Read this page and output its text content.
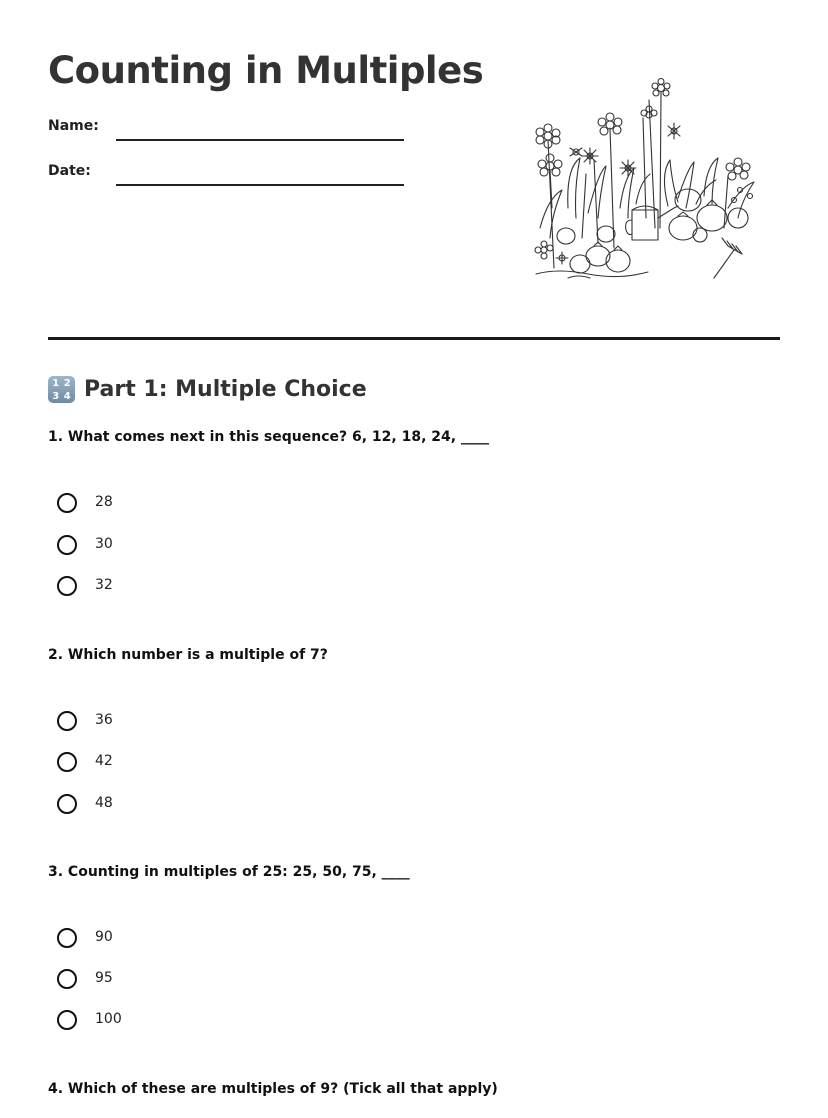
Counting in Multiples
Name:
Date:
1 2
3 4 Part 1: Multiple Choice
1. What comes next in this sequence? 6, 12, 18, 24, ____
28
30
32
2. Which number is a multiple of 7?
36
42
48
3. Counting in multiples of 25: 25, 50, 75, ____
90
95
100
4. Which of these are multiples of 9? (Tick all that apply)
